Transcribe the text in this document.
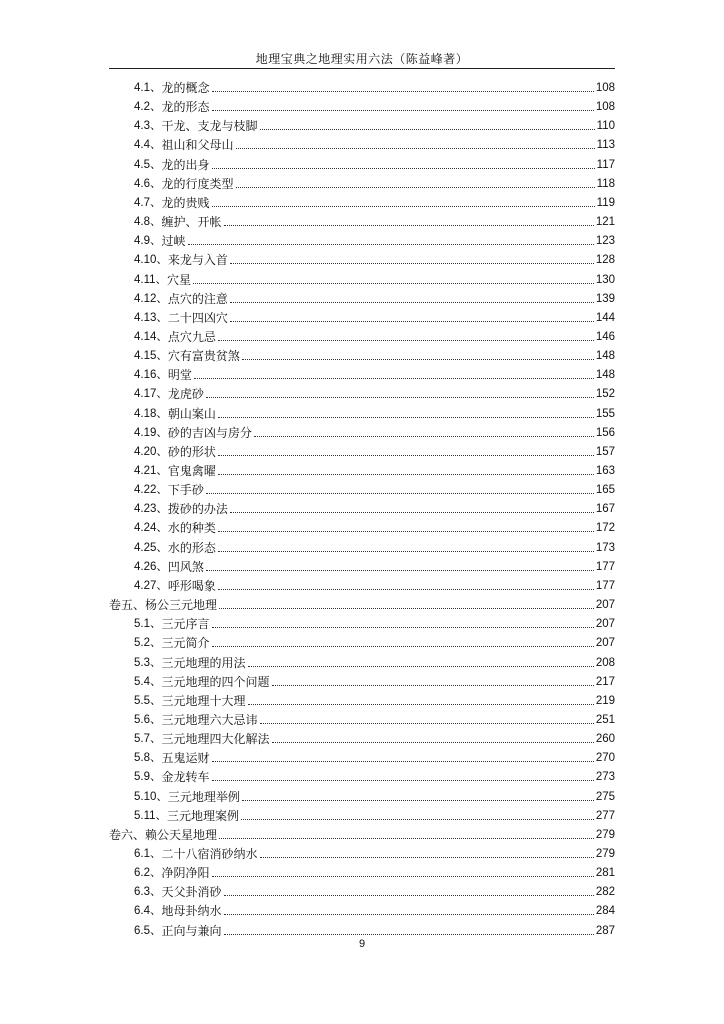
地理宝典之地理实用六法（陈益峰著）
4.1、 龙的概念	108
4.2、 龙的形态	108
4.3、 干龙、支龙与枝脚	110
4.4、 祖山和父母山	113
4.5、 龙的出身	117
4.6、 龙的行度类型	118
4.7、 龙的贵贱	119
4.8、 缠护、开帐	121
4.9、 过峡	123
4.10、 来龙与入首	128
4.11、 穴星	130
4.12、 点穴的注意	139
4.13、 二十四凶穴	144
4.14、 点穴九忌	146
4.15、 穴有富贵贫煞	148
4.16、 明堂	148
4.17、 龙虎砂	152
4.18、 朝山案山	155
4.19、 砂的吉凶与房分	156
4.20、 砂的形状	157
4.21、 官鬼禽曜	163
4.22、 下手砂	165
4.23、 拨砂的办法	167
4.24、 水的种类	172
4.25、 水的形态	173
4.26、 凹风煞	177
4.27、 呼形喝象	177
卷五、杨公三元地理	207
5.1、 三元序言	207
5.2、 三元简介	207
5.3、 三元地理的用法	208
5.4、 三元地理的四个问题	217
5.5、 三元地理十大理	219
5.6、 三元地理六大忌讳	251
5.7、 三元地理四大化解法	260
5.8、 五鬼运财	270
5.9、 金龙转车	273
5.10、 三元地理举例	275
5.11、 三元地理案例	277
卷六、赖公天星地理	279
6.1、 二十八宿消砂纳水	279
6.2、 净阴净阳	281
6.3、 天父卦消砂	282
6.4、 地母卦纳水	284
6.5、 正向与兼向	287
9
